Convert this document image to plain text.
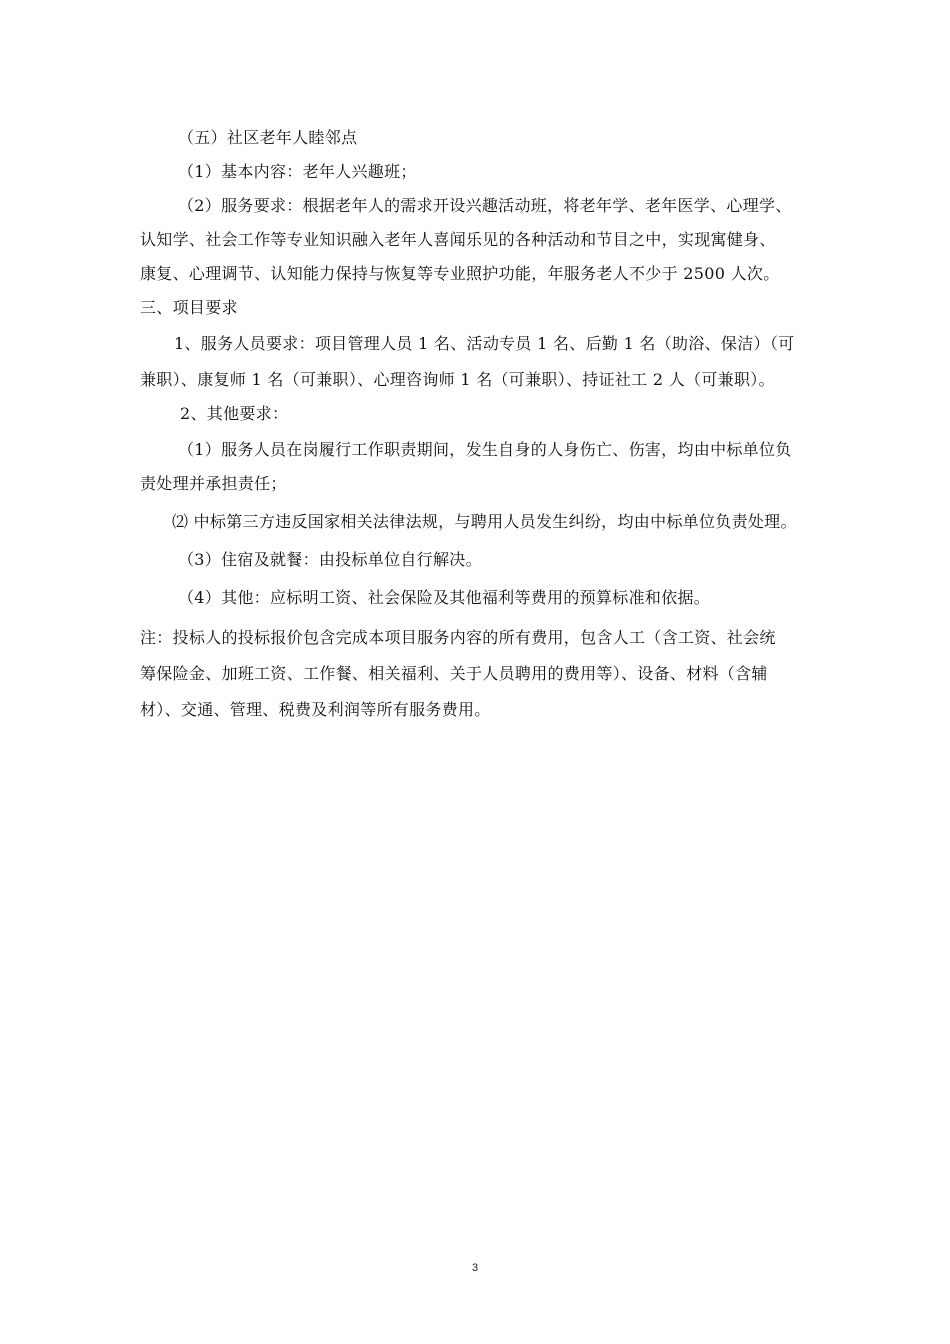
（五）社区老年人睦邻点
（1）基本内容：老年人兴趣班；
（2）服务要求：根据老年人的需求开设兴趣活动班，将老年学、老年医学、心理学、
认知学、社会工作等专业知识融入老年人喜闻乐见的各种活动和节目之中，实现寓健身、
康复、心理调节、认知能力保持与恢复等专业照护功能，年服务老人不少于 2500 人次。
三、项目要求
1、服务人员要求：项目管理人员 1 名、活动专员 1 名、后勤 1 名（助浴、保洁）（可
兼职）、康复师 1 名（可兼职）、心理咨询师 1 名（可兼职）、持证社工 2 人（可兼职）。
2、其他要求：
（1）服务人员在岗履行工作职责期间，发生自身的人身伤亡、伤害，均由中标单位负
责处理并承担责任；
⑵ 中标第三方违反国家相关法律法规，与聘用人员发生纠纷，均由中标单位负责处理。
（3）住宿及就餐：由投标单位自行解决。
（4）其他：应标明工资、社会保险及其他福利等费用的预算标准和依据。
注：投标人的投标报价包含完成本项目服务内容的所有费用，包含人工（含工资、社会统
筹保险金、加班工资、工作餐、相关福利、关于人员聘用的费用等）、设备、材料（含辅
材）、交通、管理、税费及利润等所有服务费用。
3
